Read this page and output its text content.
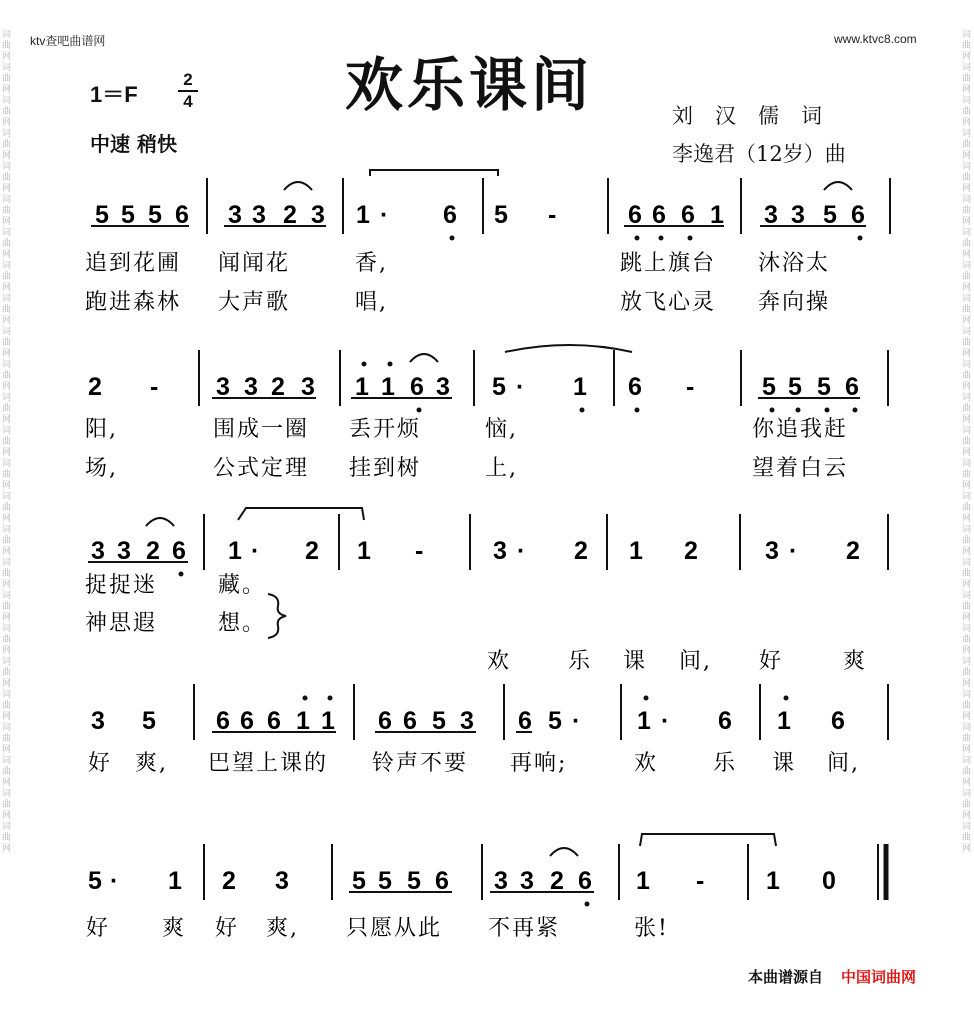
词曲网词曲网词曲网词曲网词曲网词曲网词曲网词曲网词曲网词曲网词曲网词曲网词曲网词曲网词曲网词曲网词曲网词曲网词曲网词曲网词曲网词曲网词曲网词曲网词曲网
词曲网词曲网词曲网词曲网词曲网词曲网词曲网词曲网词曲网词曲网词曲网词曲网词曲网词曲网词曲网词曲网词曲网词曲网词曲网词曲网词曲网词曲网词曲网词曲网词曲网
ktv查吧曲谱网	www.ktvc8.com
欢乐课间
$1=F \frac{2}{4}$
中速 稍快
刘汉儒词
李逸君（12岁）曲
5 5 5 6 3 3 2 3 1 · 6 5 -	6 6 6 1 3 3 5 6
2 - 3 3 2 3 1 1 6 3 5 · 1 6 -	5 5 5 6
3 3 2 6 1 · 2 1 -	3 · 2 1 2	3 · 2
3 5 6 6 6 1 1 6 6 5 3 6 5 · 1 · 6 1 6
5 · 1 2 3	5 5 5 6 3 3 2 6 1 - 1 0
追到花圃 闻闻花	香,	跳上旗台 沐浴太
跑进森林 大声歌	唱,	放飞心灵 奔向操
阳,	围成一圈 丢开烦	恼,	你追我赶
场,	公式定理 挂到树	上,	望着白云
捉捉迷	藏。
神思遐	想。
欢	乐 课 间, 好	爽
好 爽, 巴望上课的 铃声不要 再响;	欢 乐 课 间,
好 爽 好 爽, 只愿从此 不再紧	张!
本曲谱源自 中国词曲网
